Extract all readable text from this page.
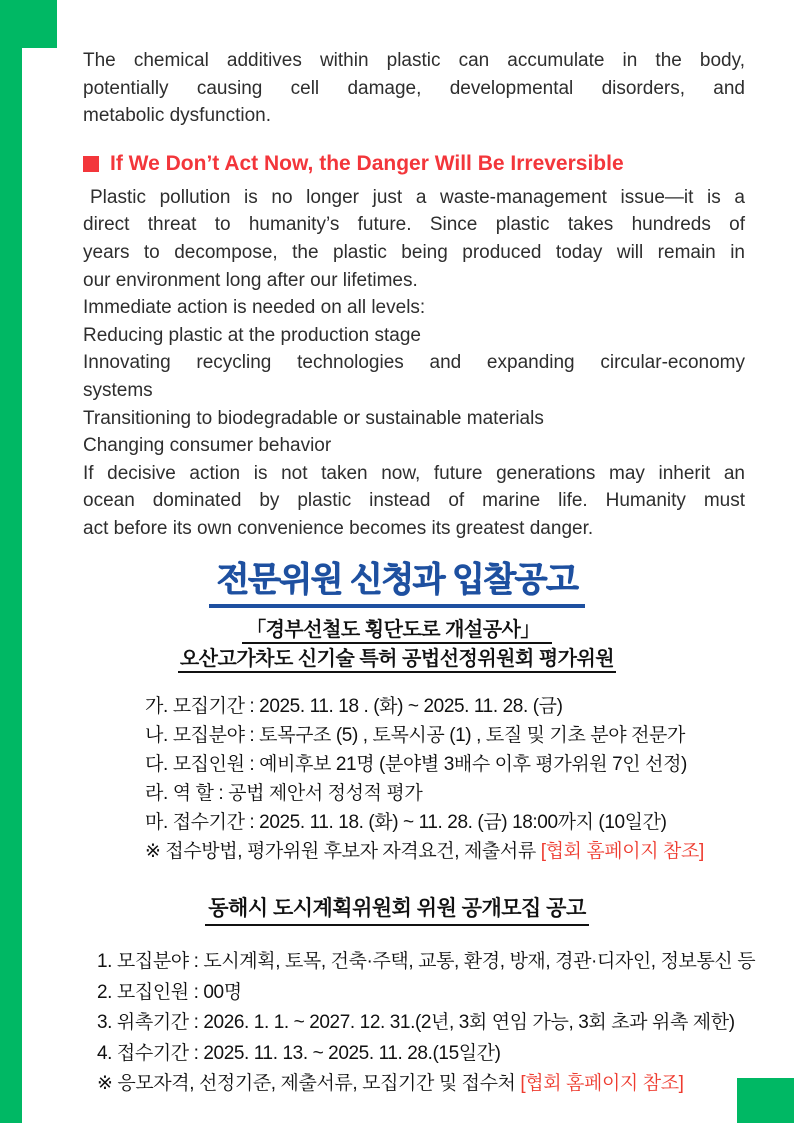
The chemical additives within plastic can accumulate in the body,
potentially causing cell damage, developmental disorders, and
metabolic dysfunction.
If We Don’t Act Now, the Danger Will Be Irreversible
Plastic pollution is no longer just a waste-management issue—it is a
direct threat to humanity’s future. Since plastic takes hundreds of
years to decompose, the plastic being produced today will remain in
our environment long after our lifetimes.
Immediate action is needed on all levels:
Reducing plastic at the production stage
Innovating recycling technologies and expanding circular-economy
systems
Transitioning to biodegradable or sustainable materials
Changing consumer behavior
If decisive action is not taken now, future generations may inherit an
ocean dominated by plastic instead of marine life. Humanity must
act before its own convenience becomes its greatest danger.
전문위원 신청과 입찰공고
「경부선철도 횡단도로 개설공사」
오산고가차도 신기술 특허 공법선정위원회 평가위원
가. 모집기간 : 2025. 11. 18 . (화) ~ 2025. 11. 28. (금)
나. 모집분야 : 토목구조 (5) , 토목시공 (1) , 토질 및 기초 분야 전문가
다. 모집인원 : 예비후보 21명 (분야별 3배수 이후 평가위원 7인 선정)
라. 역 할 : 공법 제안서 정성적 평가
마. 접수기간 : 2025. 11. 18. (화) ~ 11. 28. (금) 18:00까지 (10일간)
※ 접수방법, 평가위원 후보자 자격요건, 제출서류 [협회 홈페이지 참조]
동해시 도시계획위원회 위원 공개모집 공고
1. 모집분야 : 도시계획, 토목, 건축·주택, 교통, 환경, 방재, 경관·디자인, 정보통신 등
2. 모집인원 : 00명
3. 위촉기간 : 2026. 1. 1. ~ 2027. 12. 31.(2년, 3회 연임 가능, 3회 초과 위촉 제한)
4. 접수기간 : 2025. 11. 13. ~ 2025. 11. 28.(15일간)
※ 응모자격, 선정기준, 제출서류, 모집기간 및 접수처 [협회 홈페이지 참조]
